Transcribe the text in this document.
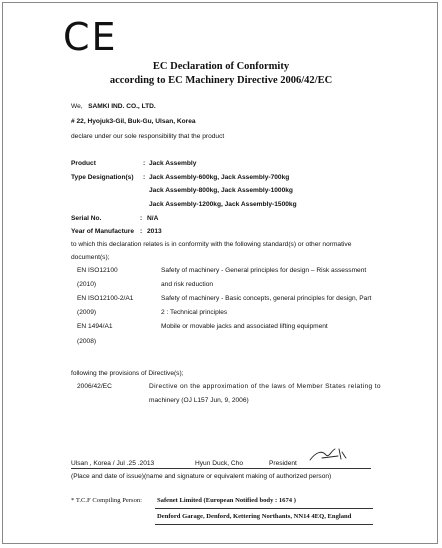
CE
EC Declaration of Conformity
according to EC Machinery Directive 2006/42/EC
We, SAMKI IND. CO., LTD.
# 22, Hyojuk3-Gil, Buk-Gu, Ulsan, Korea
declare under our sole responsibility that the product
Product	: Jack Assembly
Type Designation(s) : Jack Assembly-600kg, Jack Assembly-700kg
Jack Assembly-800kg, Jack Assembly-1000kg
Jack Assembly-1200kg, Jack Assembly-1500kg
Serial No.	: N/A
Year of Manufacture : 2013
to which this declaration relates is in conformity with the following standard(s) or other normative
document(s);
EN ISO12100	Safety of machinery - General principles for design – Risk assessment
(2010)	and risk reduction
EN ISO12100-2/A1	Safety of machinery - Basic concepts, general principles for design, Part
(2009)	2 : Technical principles
EN 1494/A1	Mobile or movable jacks and associated lifting equipment
(2008)
following the provisions of Directive(s);
2006/42/EC	Directive on the approximation of the laws of Member States relating to
machinery (OJ L157 Jun, 9, 2006)
Ulsan , Korea / Jul .25 .2013	Hyun Duck, Cho	President
(Place and date of issue)(name and signature or equivalent making of authorized person)
* T.C.F Compiling Person: Safenet Limited (European Notified body : 1674 )
Denford Garage, Denford, Kettering Northants, NN14 4EQ, England
